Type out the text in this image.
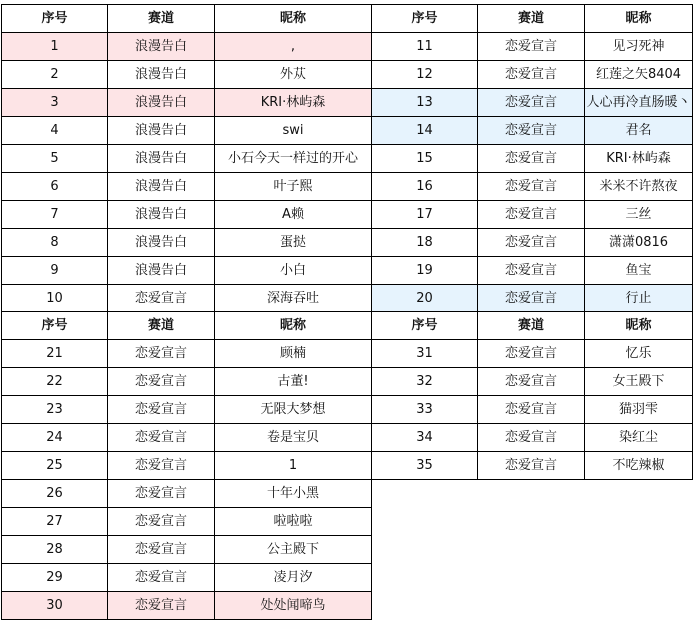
序号	赛道	昵称	序号	赛道	昵称
1	浪漫告白	,	11	恋爱宣言	见习死神
2	浪漫告白	外苁	12	恋爱宣言	红莲之矢8404
3	浪漫告白	KRI·林屿森	13	恋爱宣言	人心再冷直肠暖丶
4	浪漫告白	swi	14	恋爱宣言	君名
5	浪漫告白	小石今天一样过的开心	15	恋爱宣言	KRI·林屿森
6	浪漫告白	叶子熙	16	恋爱宣言	米米不许熬夜
7	浪漫告白	A赖	17	恋爱宣言	三丝
8	浪漫告白	蛋挞	18	恋爱宣言	潇潇0816
9	浪漫告白	小白	19	恋爱宣言	鱼宝
10	恋爱宣言	深海吞吐	20	恋爱宣言	行止
序号	赛道	昵称	序号	赛道	昵称
21	恋爱宣言	顾楠	31	恋爱宣言	忆乐
22	恋爱宣言	古董!	32	恋爱宣言	女王殿下
23	恋爱宣言	无限大梦想	33	恋爱宣言	猫羽雫
24	恋爱宣言	卷是宝贝	34	恋爱宣言	染红尘
25	恋爱宣言	1	35	恋爱宣言	不吃辣椒
26	恋爱宣言	十年小黑			
27	恋爱宣言	啦啦啦			
28	恋爱宣言	公主殿下			
29	恋爱宣言	凌月汐			
30	恋爱宣言	处处闻啼鸟			
